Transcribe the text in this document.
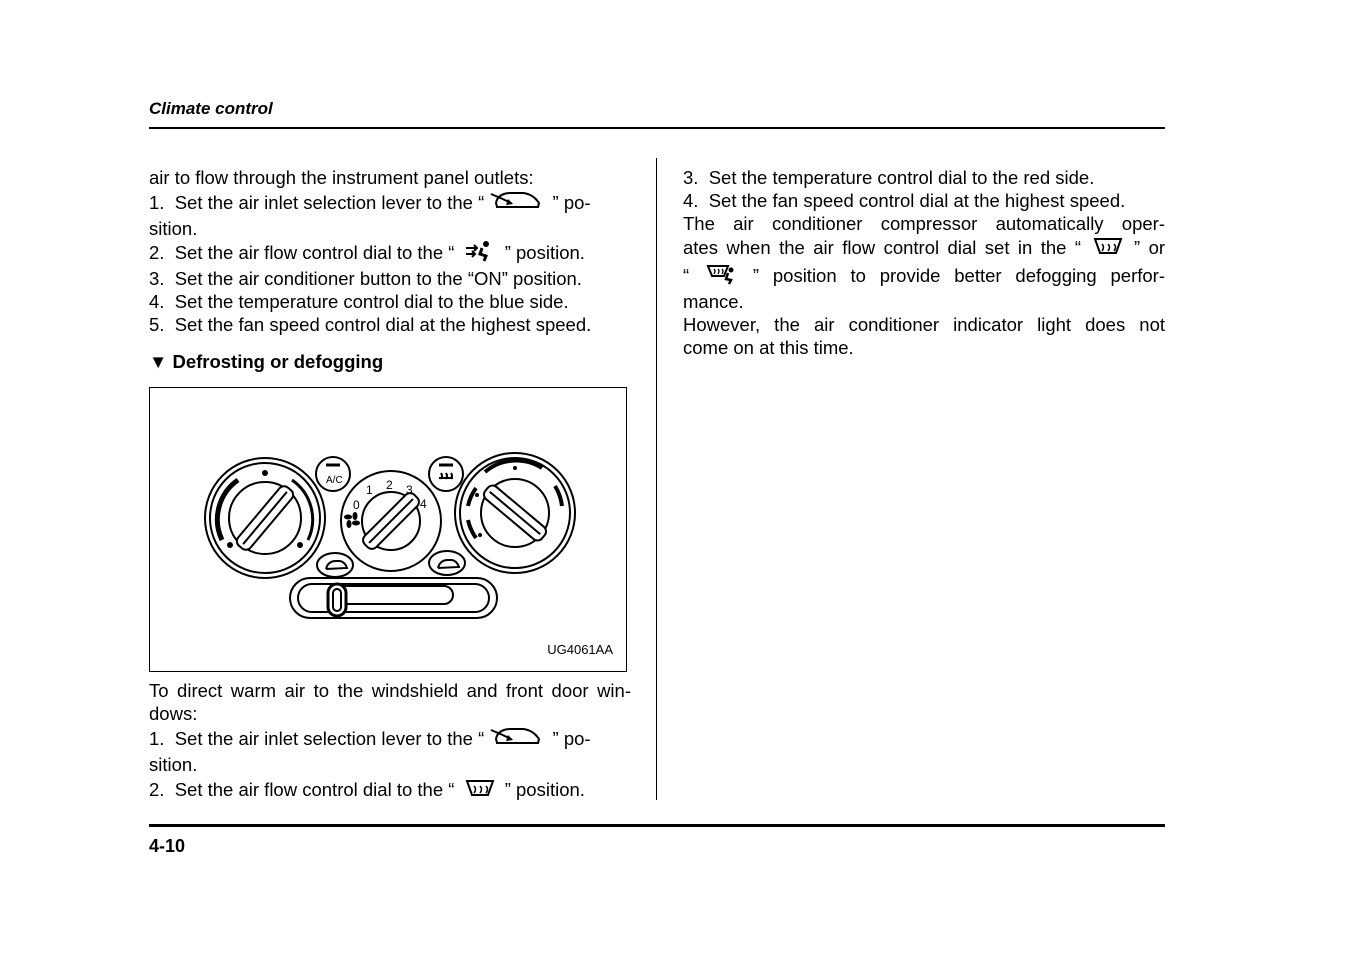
Climate control

air to flow through the instrument panel outlets:

1. Set the air inlet selection lever to the “	” po-
sition.

2. Set the air flow control dial to the “	” position.

3. Set the air conditioner button to the “ON” position.

4. Set the temperature control dial to the blue side.

5. Set the fan speed control dial at the highest speed.

▼ Defrosting or defogging

A/C
0
1 2 3
4
UG4061AA

To direct warm air to the windshield and front door win-

dows:

1. Set the air inlet selection lever to the “	” po-
sition.

2. Set the air flow control dial to the “	” position.

3. Set the temperature control dial to the red side.

4. Set the fan speed control dial at the highest speed.

The air conditioner compressor automatically oper-

ates when the air flow control dial set in the “	” or

“	” position to provide better defogging perfor-

mance.

However, the air conditioner indicator light does not

come on at this time.

4-10
